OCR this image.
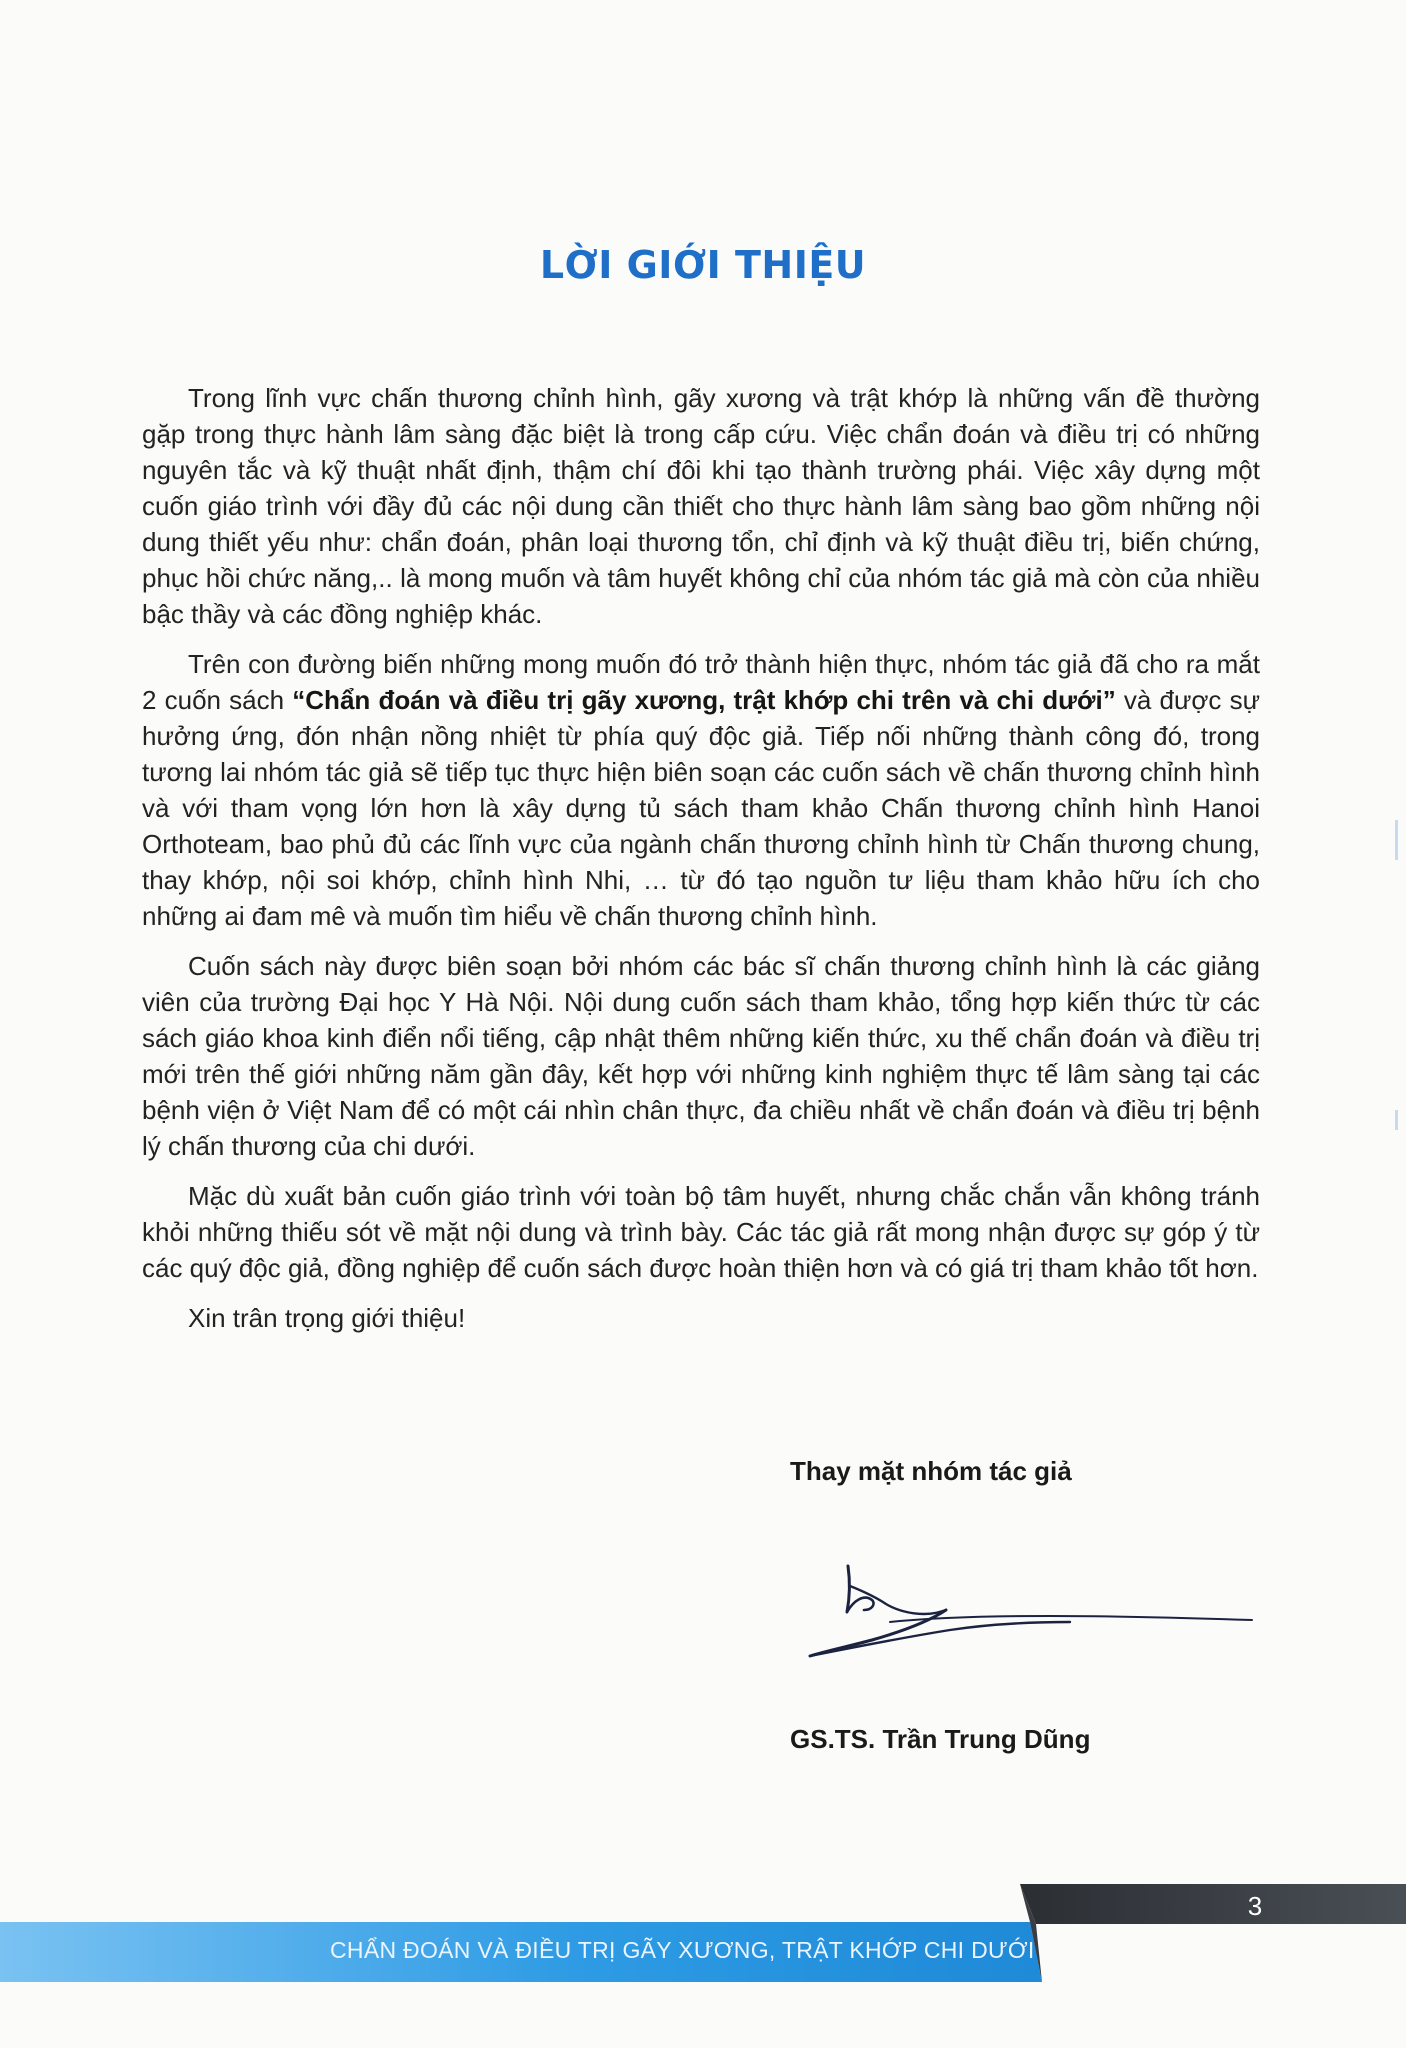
LỜI GIỚI THIỆU

Trong lĩnh vực chấn thương chỉnh hình, gãy xương và trật khớp là những vấn đề thường gặp trong thực hành lâm sàng đặc biệt là trong cấp cứu. Việc chẩn đoán và điều trị có những nguyên tắc và kỹ thuật nhất định, thậm chí đôi khi tạo thành trường phái. Việc xây dựng một cuốn giáo trình với đầy đủ các nội dung cần thiết cho thực hành lâm sàng bao gồm những nội dung thiết yếu như: chẩn đoán, phân loại thương tổn, chỉ định và kỹ thuật điều trị, biến chứng, phục hồi chức năng,.. là mong muốn và tâm huyết không chỉ của nhóm tác giả mà còn của nhiều bậc thầy và các đồng nghiệp khác.

Trên con đường biến những mong muốn đó trở thành hiện thực, nhóm tác giả đã cho ra mắt 2 cuốn sách “Chẩn đoán và điều trị gãy xương, trật khớp chi trên và chi dưới” và được sự hưởng ứng, đón nhận nồng nhiệt từ phía quý độc giả. Tiếp nối những thành công đó, trong tương lai nhóm tác giả sẽ tiếp tục thực hiện biên soạn các cuốn sách về chấn thương chỉnh hình và với tham vọng lớn hơn là xây dựng tủ sách tham khảo Chấn thương chỉnh hình Hanoi Orthoteam, bao phủ đủ các lĩnh vực của ngành chấn thương chỉnh hình từ Chấn thương chung, thay khớp, nội soi khớp, chỉnh hình Nhi, … từ đó tạo nguồn tư liệu tham khảo hữu ích cho những ai đam mê và muốn tìm hiểu về chấn thương chỉnh hình.

Cuốn sách này được biên soạn bởi nhóm các bác sĩ chấn thương chỉnh hình là các giảng viên của trường Đại học Y Hà Nội. Nội dung cuốn sách tham khảo, tổng hợp kiến thức từ các sách giáo khoa kinh điển nổi tiếng, cập nhật thêm những kiến thức, xu thế chẩn đoán và điều trị mới trên thế giới những năm gần đây, kết hợp với những kinh nghiệm thực tế lâm sàng tại các bệnh viện ở Việt Nam để có một cái nhìn chân thực, đa chiều nhất về chẩn đoán và điều trị bệnh lý chấn thương của chi dưới.

Mặc dù xuất bản cuốn giáo trình với toàn bộ tâm huyết, nhưng chắc chắn vẫn không tránh khỏi những thiếu sót về mặt nội dung và trình bày. Các tác giả rất mong nhận được sự góp ý từ các quý độc giả, đồng nghiệp để cuốn sách được hoàn thiện hơn và có giá trị tham khảo tốt hơn.

Xin trân trọng giới thiệu!

Thay mặt nhóm tác giả

GS.TS. Trần Trung Dũng

CHẨN ĐOÁN VÀ ĐIỀU TRỊ GÃY XƯƠNG, TRẬT KHỚP CHI DƯỚI

3
